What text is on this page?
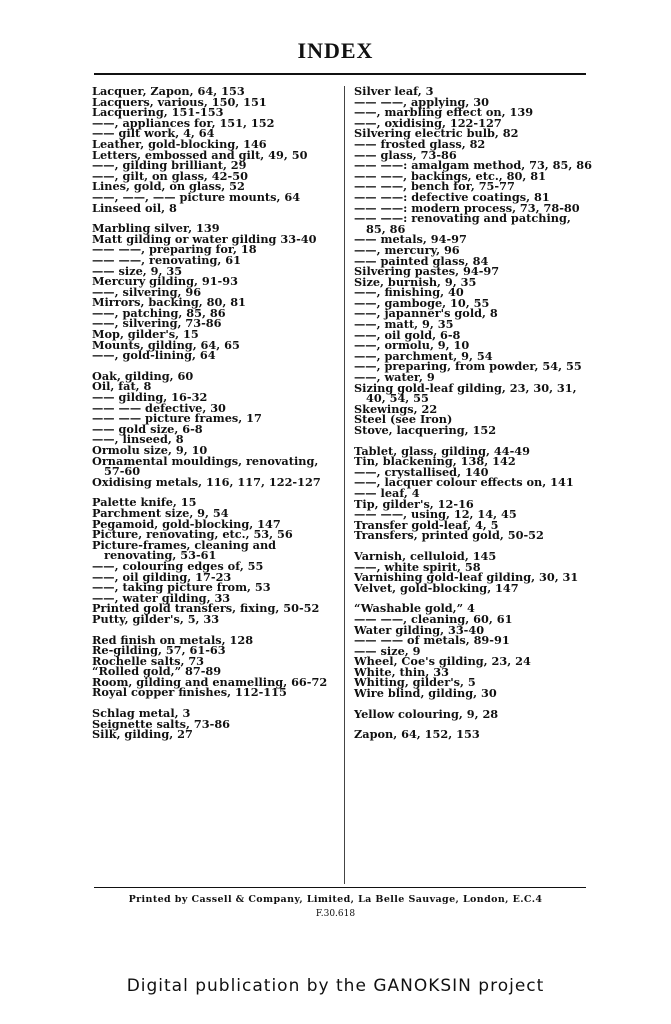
INDEX
Lacquer, Zapon, 64, 153
Lacquers, various, 150, 151
Lacquering, 151-153
——, appliances for, 151, 152
—— gilt work, 4, 64
Leather, gold-blocking, 146
Letters, embossed and gilt, 49, 50
——, gilding brilliant, 29
——, gilt, on glass, 42-50
Lines, gold, on glass, 52
——, ——, —— picture mounts, 64
Linseed oil, 8
Marbling silver, 139
Matt gilding or water gilding 33-40
—— ——, preparing for, 18
—— ——, renovating, 61
—— size, 9, 35
Mercury gilding, 91-93
——, silvering, 96
Mirrors, backing, 80, 81
——, patching, 85, 86
——, silvering, 73-86
Mop, gilder's, 15
Mounts, gilding, 64, 65
——, gold-lining, 64
Oak, gilding, 60
Oil, fat, 8
—— gilding, 16-32
—— —— defective, 30
—— —— picture frames, 17
—— gold size, 6-8
——, linseed, 8
Ormolu size, 9, 10
Ornamental mouldings, renovating, 57-60
Oxidising metals, 116, 117, 122-127
Palette knife, 15
Parchment size, 9, 54
Pegamoid, gold-blocking, 147
Picture, renovating, etc., 53, 56
Picture-frames, cleaning and renovating, 53-61
——, colouring edges of, 55
——, oil gilding, 17-23
——, taking picture from, 53
——, water gilding, 33
Printed gold transfers, fixing, 50-52
Putty, gilder's, 5, 33
Red finish on metals, 128
Re-gilding, 57, 61-63
Rochelle salts, 73
“Rolled gold,” 87-89
Room, gilding and enamelling, 66-72
Royal copper finishes, 112-115
Schlag metal, 3
Seignette salts, 73-86
Silk, gilding, 27
Silver leaf, 3
—— ——, applying, 30
——, marbling effect on, 139
——, oxidising, 122-127
Silvering electric bulb, 82
—— frosted glass, 82
—— glass, 73-86
—— ——: amalgam method, 73, 85, 86
—— ——, backings, etc., 80, 81
—— ——, bench for, 75-77
—— ——: defective coatings, 81
—— ——: modern process, 73, 78-80
—— ——: renovating and patching, 85, 86
—— metals, 94-97
——, mercury, 96
—— painted glass, 84
Silvering pastes, 94-97
Size, burnish, 9, 35
——, finishing, 40
——, gamboge, 10, 55
——, japanner's gold, 8
——, matt, 9, 35
——, oil gold, 6-8
——, ormolu, 9, 10
——, parchment, 9, 54
——, preparing, from powder, 54, 55
——, water, 9
Sizing gold-leaf gilding, 23, 30, 31, 40, 54, 55
Skewings, 22
Steel (see Iron)
Stove, lacquering, 152
Tablet, glass, gilding, 44-49
Tin, blackening, 138, 142
——, crystallised, 140
——, lacquer colour effects on, 141
—— leaf, 4
Tip, gilder's, 12-16
—— ——, using, 12, 14, 45
Transfer gold-leaf, 4, 5
Transfers, printed gold, 50-52
Varnish, celluloid, 145
——, white spirit, 58
Varnishing gold-leaf gilding, 30, 31
Velvet, gold-blocking, 147
“Washable gold,” 4
—— ——, cleaning, 60, 61
Water gilding, 33-40
—— —— of metals, 89-91
—— size, 9
Wheel, Coe's gilding, 23, 24
White, thin, 33
Whiting, gilder's, 5
Wire blind, gilding, 30
Yellow colouring, 9, 28
Zapon, 64, 152, 153
Printed by Cassell & Company, Limited, La Belle Sauvage, London, E.C.4
F.30.618
Digital publication by the GANOKSIN project
